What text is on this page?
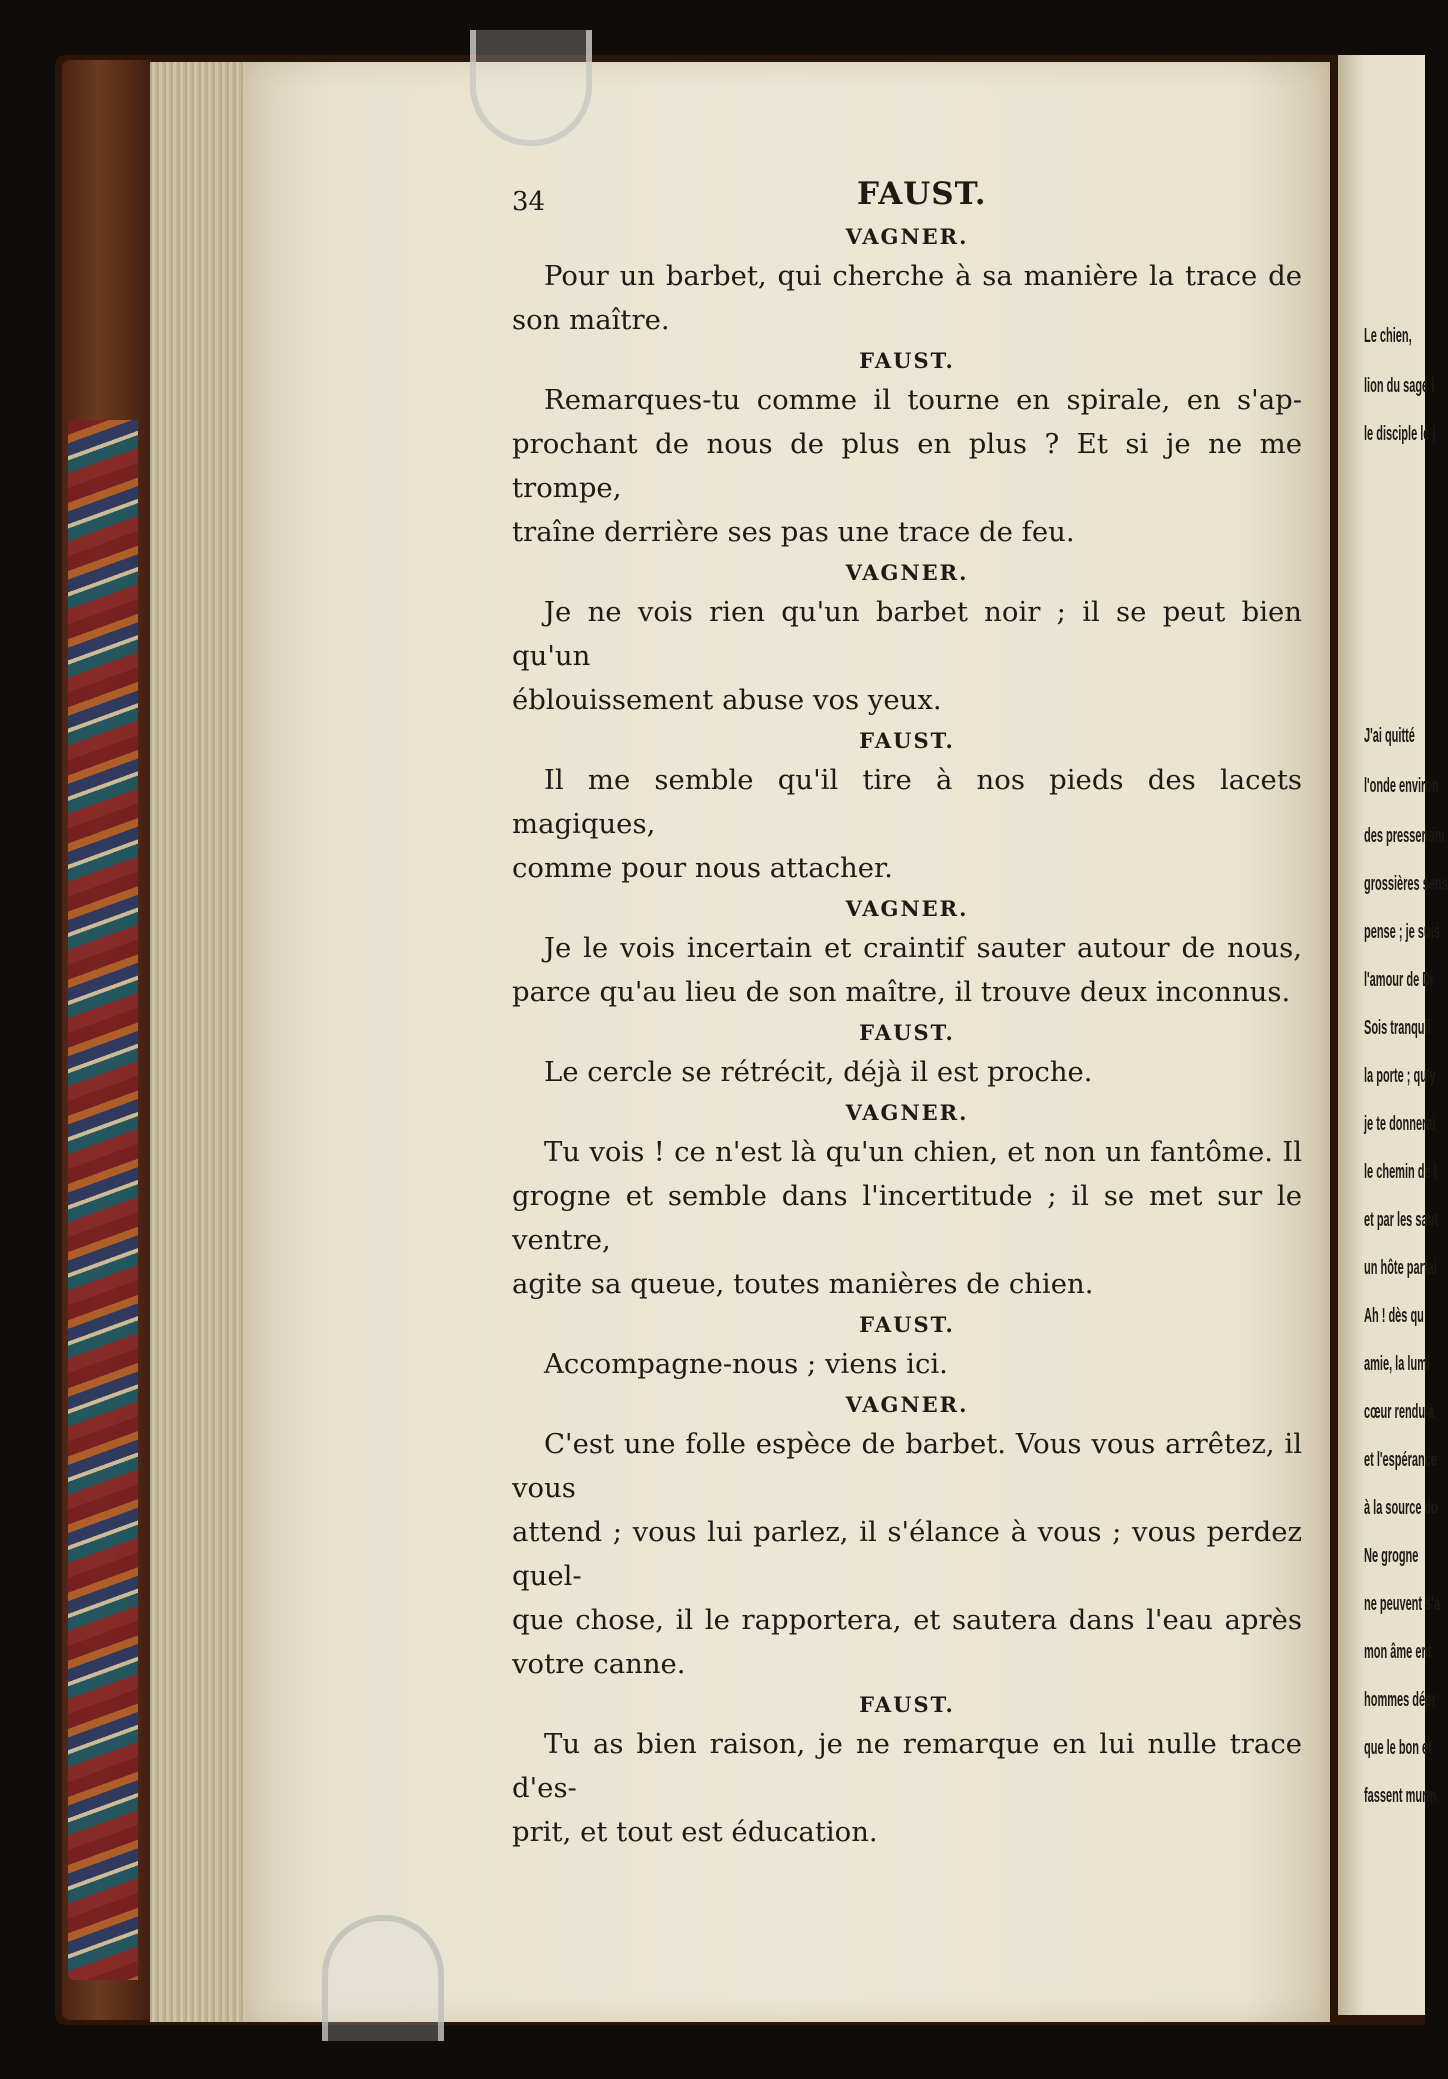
Le chien,
lion du sage l
le disciple le j
J'ai quitté
l'onde environ
des pressentim
grossières sens
pense ; je suis
l'amour de Di
Sois tranquil
la porte ; qu'y
je te donnerai
le chemin de l
et par les saut
un hôte parfai
Ah ! dès qu
amie, la lumi
cœur rendu à
et l'espérance
à la source do
Ne grogne
ne peuvent s'a
mon âme ent
hommes dépr
que le bon et
fassent murm
34	FAUST.
VAGNER.
Pour un barbet, qui cherche à sa manière la trace de
son maître.
FAUST.
Remarques-tu comme il tourne en spirale, en s'ap-
prochant de nous de plus en plus ? Et si je ne me trompe,
traîne derrière ses pas une trace de feu.
VAGNER.
Je ne vois rien qu'un barbet noir ; il se peut bien qu'un
éblouissement abuse vos yeux.
FAUST.
Il me semble qu'il tire à nos pieds des lacets magiques,
comme pour nous attacher.
VAGNER.
Je le vois incertain et craintif sauter autour de nous,
parce qu'au lieu de son maître, il trouve deux inconnus.
FAUST.
Le cercle se rétrécit, déjà il est proche.
VAGNER.
Tu vois ! ce n'est là qu'un chien, et non un fantôme. Il
grogne et semble dans l'incertitude ; il se met sur le ventre,
agite sa queue, toutes manières de chien.
FAUST.
Accompagne-nous ; viens ici.
VAGNER.
C'est une folle espèce de barbet. Vous vous arrêtez, il vous
attend ; vous lui parlez, il s'élance à vous ; vous perdez quel-
que chose, il le rapportera, et sautera dans l'eau après
votre canne.
FAUST.
Tu as bien raison, je ne remarque en lui nulle trace d'es-
prit, et tout est éducation.
